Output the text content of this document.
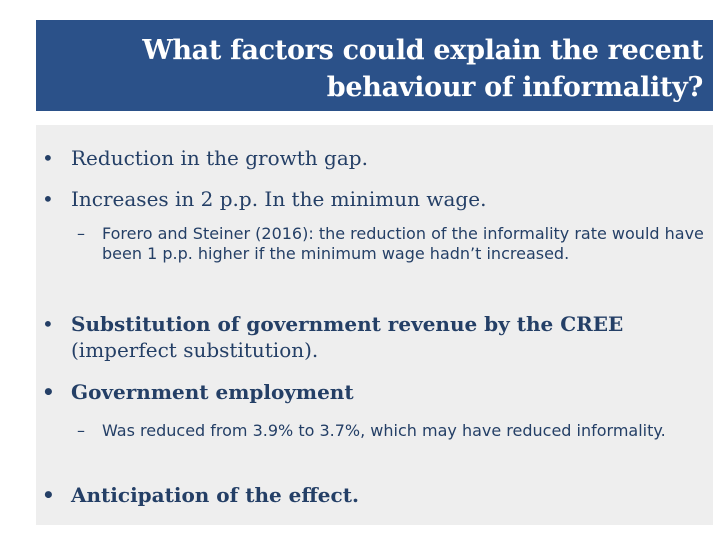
What factors could explain the recent behaviour of informality?
• Reduction in the growth gap.

• Increases in 2 p.p. In the minimun wage.

– Forero and Steiner (2016): the reduction of the informality rate would have been 1 p.p. higher if the minimum wage hadn’t increased.

• Substitution of government revenue by the CREE (imperfect substitution).

• Government employment

– Was reduced from 3.9% to 3.7%, which may have reduced informality.

• Anticipation of the effect.
